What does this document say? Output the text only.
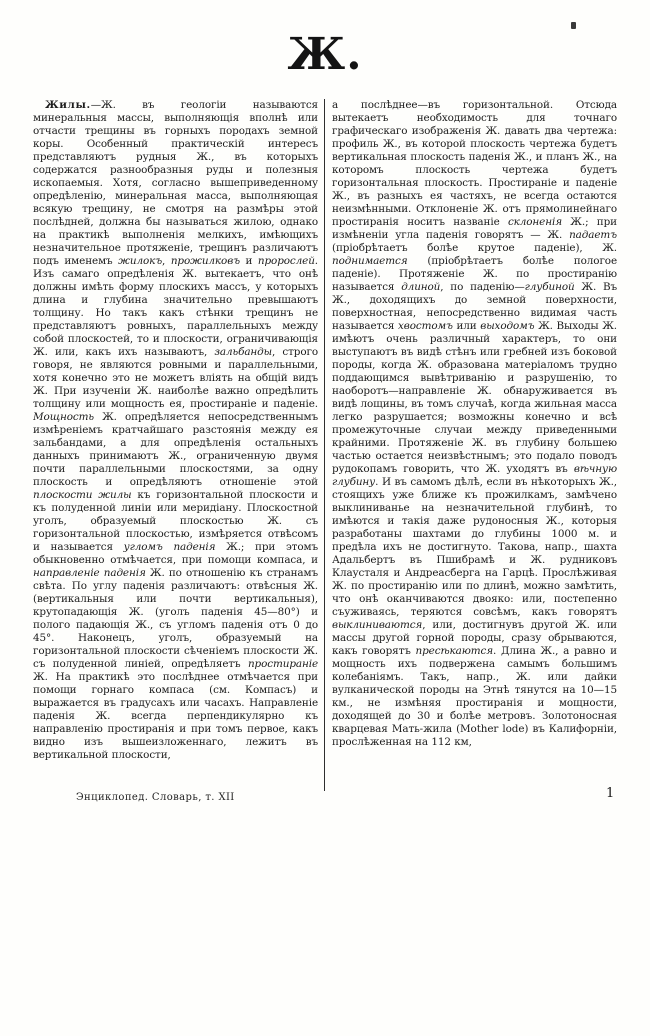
Ж.
Жилы.—Ж. въ геологіи называются минеральныя массы, выполняющія вполнѣ или отчасти трещины въ горныхъ породахъ земной коры. Особенный практическій интересъ представляютъ рудныя Ж., въ которыхъ содержатся разнообразныя руды и полезныя ископаемыя. Хотя, согласно вышеприведенному опредѣленію, минеральная масса, выполняющая всякую трещину, не смотря на размѣры этой послѣдней, должна бы называться жилою, однако на практикѣ выполненія мелкихъ, имѣющихъ незначительное протяженіе, трещинъ различаютъ подъ именемъ жилокъ, прожилковъ и пророслей. Изъ самаго опредѣленія Ж. вытекаетъ, что онѣ должны имѣть форму плоскихъ массъ, у которыхъ длина и глубина значительно превышаютъ толщину. Но такъ какъ стѣнки трещинъ не представляютъ ровныхъ, параллельныхъ между собой плоскостей, то и плоскости, ограничивающія Ж. или, какъ ихъ называютъ, зальбанды, строго говоря, не являются ровными и параллельными, хотя конечно это не можетъ вліять на общій видъ Ж. При изученіи Ж. наиболѣе важно опредѣлить толщину или мощность ея, простираніе и паденіе. Мощность Ж. опредѣляется непосредственнымъ измѣреніемъ кратчайшаго разстоянія между ея зальбандами, а для опредѣленія остальныхъ данныхъ принимаютъ Ж., ограниченную двумя почти параллельными плоскостями, за одну плоскость и опредѣляютъ отношеніе этой плоскости жилы къ горизонтальной плоскости и къ полуденной линіи или меридіану. Плоскостной уголъ, образуемый плоскостью Ж. съ горизонтальной плоскостью, измѣряется отвѣсомъ и называется угломъ паденія Ж.; при этомъ обыкновенно отмѣчается, при помощи компаса, и направленіе паденія Ж. по отношенію къ странамъ свѣта. По углу паденія различаютъ: отвѣсныя Ж. (вертикальныя или почти вертикальныя), крутопадающія Ж. (уголъ паденія 45—80°) и полого падающія Ж., съ угломъ паденія отъ 0 до 45°. Наконецъ, уголъ, образуемый на горизонтальной плоскости сѣченіемъ плоскости Ж. съ полуденной линіей, опредѣляетъ простираніе Ж. На практикѣ это послѣднее отмѣчается при помощи горнаго компаса (см. Компасъ) и выражается въ градусахъ или часахъ. Направленіе паденія Ж. всегда перпендикулярно къ направленію простиранія и при томъ первое, какъ видно изъ вышеизложеннаго, лежитъ въ вертикальной плоскости,
а послѣднее—въ горизонтальной. Отсюда вытекаетъ необходимость для точнаго графическаго изображенія Ж. давать два чертежа: профиль Ж., въ которой плоскость чертежа будетъ вертикальная плоскость паденія Ж., и планъ Ж., на которомъ плоскость чертежа будетъ горизонтальная плоскость. Простираніе и паденіе Ж., въ разныхъ ея частяхъ, не всегда остаются неизмѣнными. Отклоненіе Ж. отъ прямолинейнаго простиранія носитъ названіе склоненія Ж.; при измѣненіи угла паденія говорятъ — Ж. падаетъ (пріобрѣтаетъ болѣе крутое паденіе), Ж. поднимается (пріобрѣтаетъ болѣе пологое паденіе). Протяженіе Ж. по простиранію называется длиной, по паденію—глубиной Ж. Въ Ж., доходящихъ до земной поверхности, поверхностная, непосредственно видимая часть называется хвостомъ или выходомъ Ж. Выходы Ж. имѣютъ очень различный характеръ, то они выступаютъ въ видѣ стѣнъ или гребней изъ боковой породы, когда Ж. образована матеріаломъ трудно поддающимся вывѣтриванію и разрушенію, то наоборотъ—направленіе Ж. обнаруживается въ видѣ лощины, въ томъ случаѣ, когда жильная масса легко разрушается; возможны конечно и всѣ промежуточные случаи между приведенными крайними. Протяженіе Ж. въ глубину большею частью остается неизвѣстнымъ; это подало поводъ рудокопамъ говорить, что Ж. уходятъ въ вѣчную глубину. И въ самомъ дѣлѣ, если въ нѣкоторыхъ Ж., стоящихъ уже ближе къ прожилкамъ, замѣчено выклиниванье на незначительной глубинѣ, то имѣются и такія даже рудоносныя Ж., которыя разработаны шахтами до глубины 1000 м. и предѣла ихъ не достигнуто. Такова, напр., шахта Адальбертъ въ Пшибрамѣ и Ж. рудниковъ Клаусталя и Андреасберга на Гарцѣ. Прослѣживая Ж. по простиранію или по длинѣ, можно замѣтить, что онѣ оканчиваются двояко: или, постепенно съуживаясь, теряются совсѣмъ, какъ говорятъ выклиниваются, или, достигнувъ другой Ж. или массы другой горной породы, сразу обрываются, какъ говорятъ пресѣкаются. Длина Ж., а равно и мощность ихъ подвержена самымъ большимъ колебаніямъ. Такъ, напр., Ж. или дайки вулканической породы на Этнѣ тянутся на 10—15 км., не измѣняя простиранія и мощности, доходящей до 30 и болѣе метровъ. Золотоносная кварцевая Мать-жила (Mother lode) въ Калифорніи, прослѣженная на 112 км,
Энциклопед. Словарь, т. XII	1
